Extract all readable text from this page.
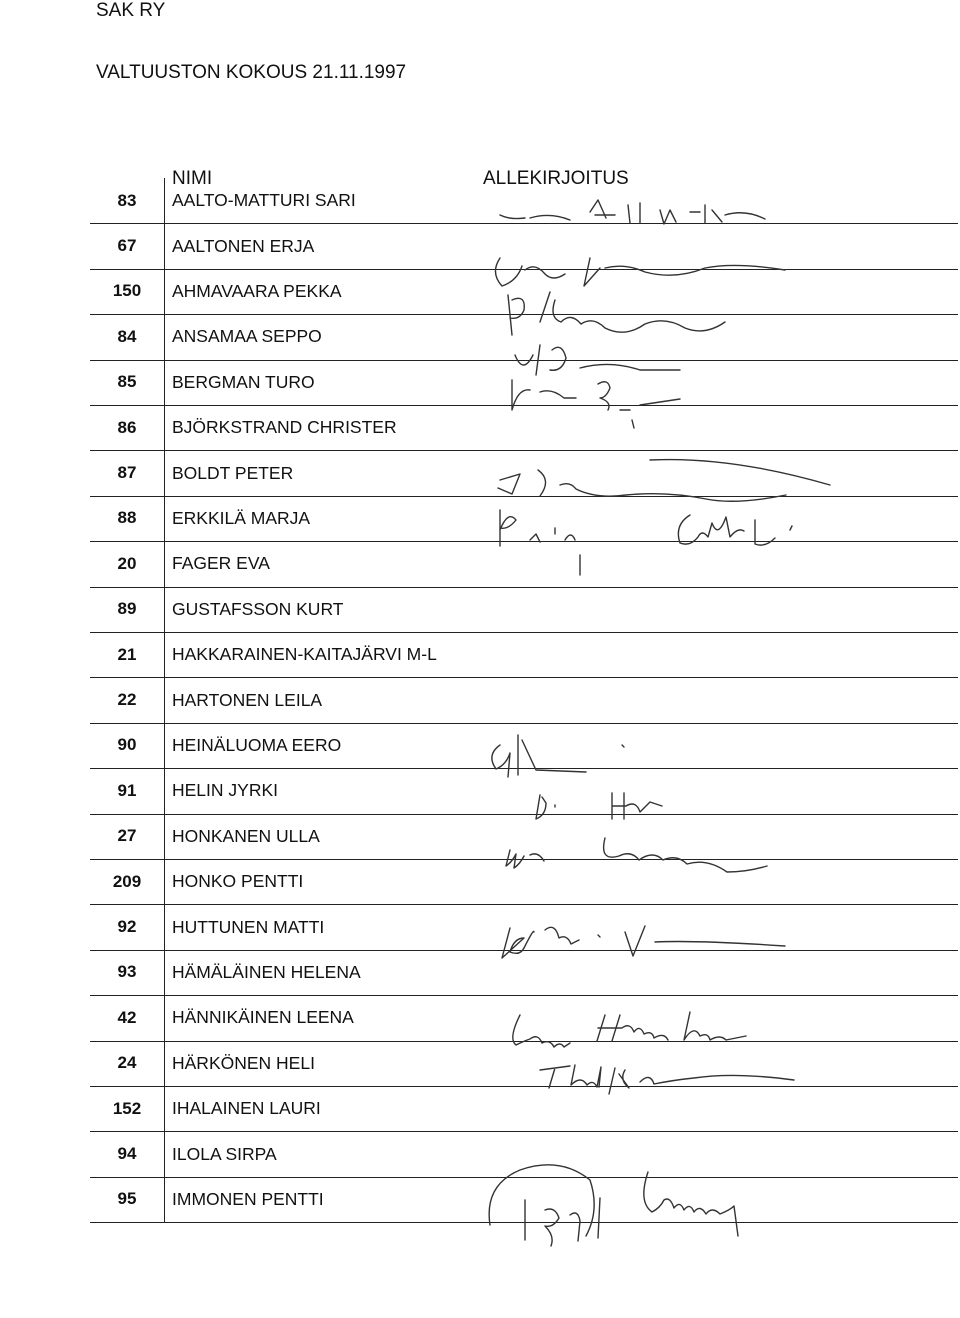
SAK RY
VALTUUSTON KOKOUS 21.11.1997
NIMI	ALLEKIRJOITUS
83	AALTO-MATTURI SARI
67	AALTONEN ERJA
150	AHMAVAARA PEKKA
84	ANSAMAA SEPPO
85	BERGMAN TURO
86	BJÖRKSTRAND CHRISTER
87	BOLDT PETER
88	ERKKILÄ MARJA
20	FAGER EVA
89	GUSTAFSSON KURT
21	HAKKARAINEN-KAITAJÄRVI M-L
22	HARTONEN LEILA
90	HEINÄLUOMA EERO
91	HELIN JYRKI
27	HONKANEN ULLA
209	HONKO PENTTI
92	HUTTUNEN MATTI
93	HÄMÄLÄINEN HELENA
42	HÄNNIKÄINEN LEENA
24	HÄRKÖNEN HELI
152	IHALAINEN LAURI
94	ILOLA SIRPA
95	IMMONEN PENTTI
